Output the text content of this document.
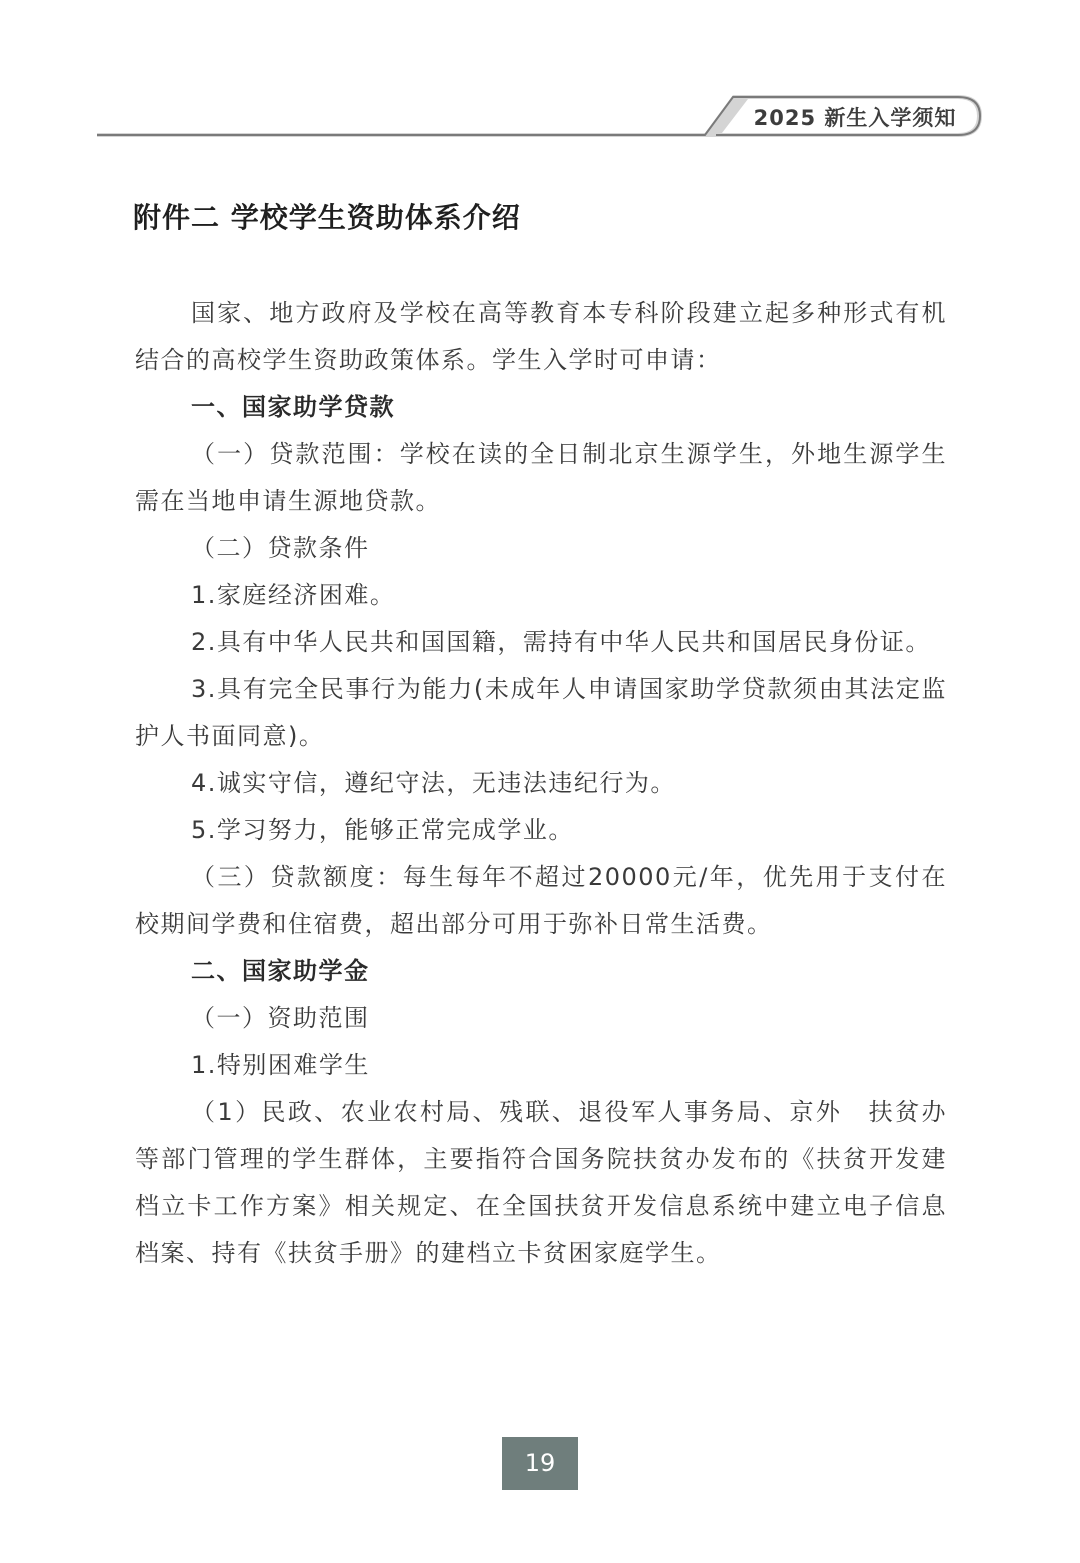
2025 新生入学须知
附件二 学校学生资助体系介绍

国家、地方政府及学校在高等教育本专科阶段建立起多种形式有机结合的高校学生资助政策体系。学生入学时可申请：

一、国家助学贷款

（一）贷款范围：学校在读的全日制北京生源学生，外地生源学生需在当地申请生源地贷款。

（二）贷款条件

1.家庭经济困难。

2.具有中华人民共和国国籍，需持有中华人民共和国居民身份证。

3.具有完全民事行为能力(未成年人申请国家助学贷款须由其法定监护人书面同意)。

4.诚实守信，遵纪守法，无违法违纪行为。

5.学习努力，能够正常完成学业。

（三）贷款额度：每生每年不超过20000元/年，优先用于支付在校期间学费和住宿费，超出部分可用于弥补日常生活费。

二、国家助学金

（一）资助范围

1.特别困难学生

（1）民政、农业农村局、残联、退役军人事务局、京外　扶贫办等部门管理的学生群体，主要指符合国务院扶贫办发布的《扶贫开发建档立卡工作方案》相关规定、在全国扶贫开发信息系统中建立电子信息档案、持有《扶贫手册》的建档立卡贫困家庭学生。

19
